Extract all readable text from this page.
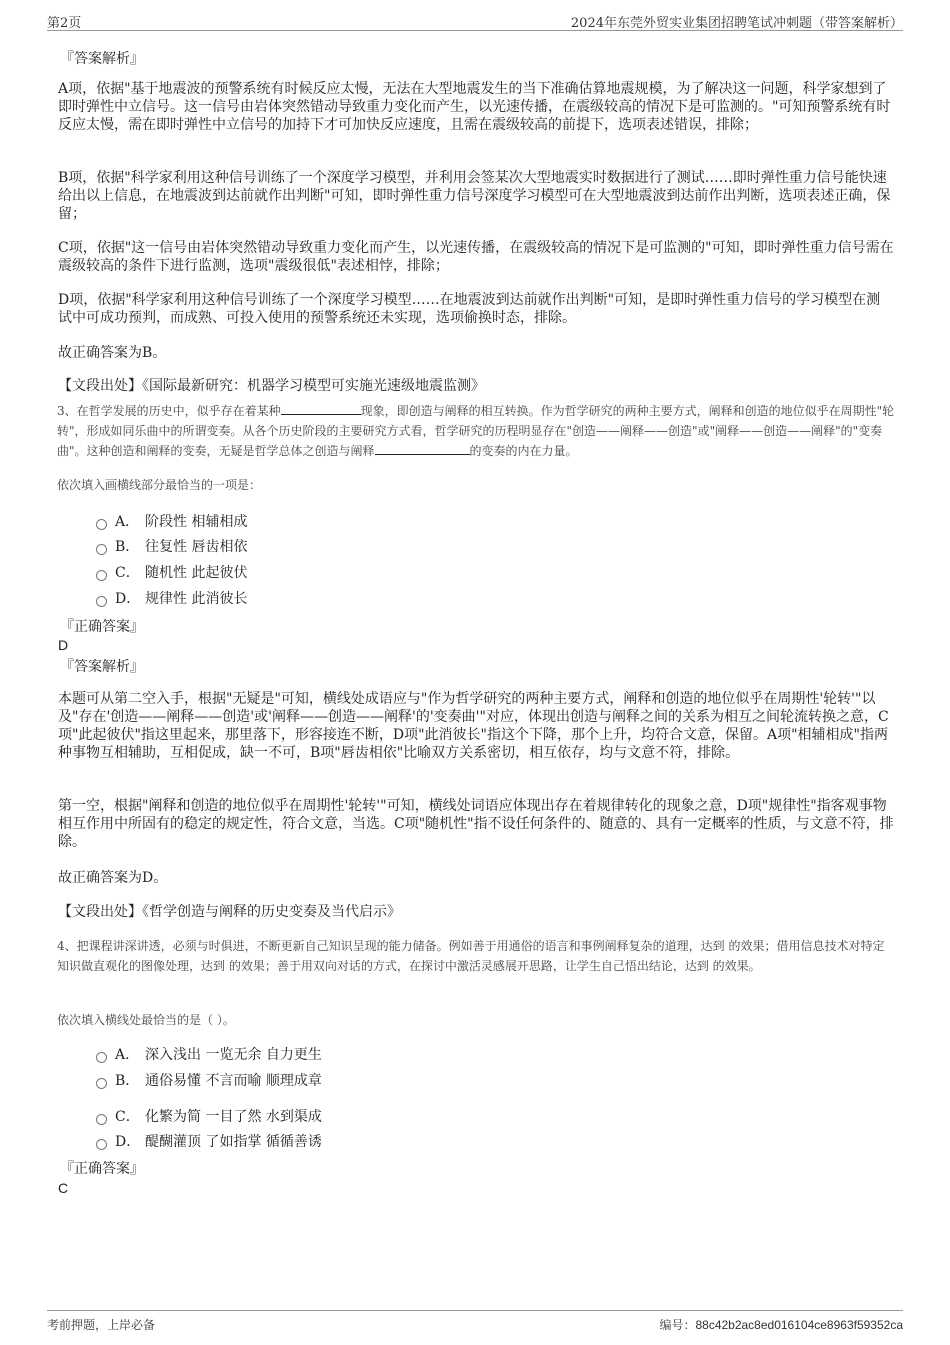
第2页	2024年东莞外贸实业集团招聘笔试冲刺题（带答案解析）
『答案解析』
A项，依据"基于地震波的预警系统有时候反应太慢，无法在大型地震发生的当下准确估算地震规模，为了解决这一问题，科学家想到了即时弹性中立信号。这一信号由岩体突然错动导致重力变化而产生，以光速传播，在震级较高的情况下是可监测的。"可知预警系统有时反应太慢，需在即时弹性中立信号的加持下才可加快反应速度，且需在震级较高的前提下，选项表述错误，排除；
B项，依据"科学家利用这种信号训练了一个深度学习模型，并利用会签某次大型地震实时数据进行了测试……即时弹性重力信号能快速给出以上信息，在地震波到达前就作出判断"可知，即时弹性重力信号深度学习模型可在大型地震波到达前作出判断，选项表述正确，保留；
C项，依据"这一信号由岩体突然错动导致重力变化而产生，以光速传播，在震级较高的情况下是可监测的"可知，即时弹性重力信号需在震级较高的条件下进行监测，选项"震级很低"表述相悖，排除；
D项，依据"科学家利用这种信号训练了一个深度学习模型……在地震波到达前就作出判断"可知，是即时弹性重力信号的学习模型在测试中可成功预判，而成熟、可投入使用的预警系统还未实现，选项偷换时态，排除。
故正确答案为B。
【文段出处】《国际最新研究：机器学习模型可实施光速级地震监测》
3、在哲学发展的历史中，似乎存在着某种	现象，即创造与阐释的相互转换。作为哲学研究的两种主要方式，阐释和创造的地位似乎在周期性"轮转"，形成如同乐曲中的所谓变奏。从各个历史阶段的主要研究方式看，哲学研究的历程明显存在"创造——阐释——创造"或"阐释——创造——阐释"的"变奏曲"。这种创造和阐释的变奏，无疑是哲学总体之创造与阐释	的变奏的内在力量。
依次填入画横线部分最恰当的一项是：
A． 阶段性 相辅相成
B． 往复性 唇齿相依
C． 随机性 此起彼伏
D． 规律性 此消彼长
『正确答案』
D
『答案解析』
本题可从第二空入手，根据"无疑是"可知，横线处成语应与"作为哲学研究的两种主要方式，阐释和创造的地位似乎在周期性'轮转'"以及"存在'创造——阐释——创造'或'阐释——创造——阐释'的'变奏曲'"对应，体现出创造与阐释之间的关系为相互之间轮流转换之意，C项"此起彼伏"指这里起来，那里落下，形容接连不断，D项"此消彼长"指这个下降，那个上升，均符合文意，保留。A项"相辅相成"指两种事物互相辅助，互相促成，缺一不可，B项"唇齿相依"比喻双方关系密切，相互依存，均与文意不符，排除。
第一空，根据"阐释和创造的地位似乎在周期性'轮转'"可知，横线处词语应体现出存在着规律转化的现象之意，D项"规律性"指客观事物相互作用中所固有的稳定的规定性，符合文意，当选。C项"随机性"指不设任何条件的、随意的、具有一定概率的性质，与文意不符，排除。
故正确答案为D。
【文段出处】《哲学创造与阐释的历史变奏及当代启示》
4、把课程讲深讲透，必须与时俱进，不断更新自己知识呈现的能力储备。例如善于用通俗的语言和事例阐释复杂的道理，达到 的效果；借用信息技术对特定知识做直观化的图像处理，达到 的效果；善于用双向对话的方式，在探讨中激活灵感展开思路，让学生自己悟出结论，达到 的效果。
依次填入横线处最恰当的是（ ）。
A． 深入浅出 一览无余 自力更生
B． 通俗易懂 不言而喻 顺理成章
C． 化繁为简 一目了然 水到渠成
D． 醍醐灌顶 了如指掌 循循善诱
『正确答案』
C
考前押题，上岸必备	编号：88c42b2ac8ed016104ce8963f59352ca
